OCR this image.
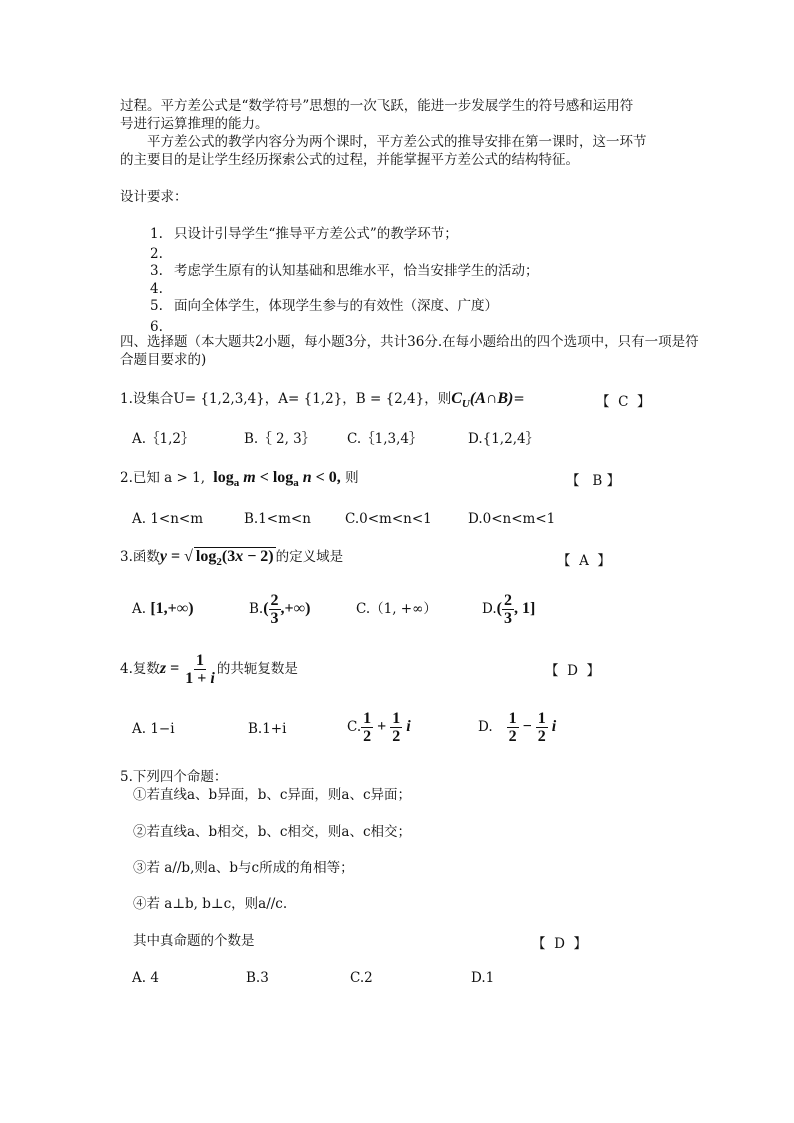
过程。平方差公式是“数学符号”思想的一次飞跃，能进一步发展学生的符号感和运用符
号进行运算推理的能力。
平方差公式的教学内容分为两个课时，平方差公式的推导安排在第一课时，这一环节
的主要目的是让学生经历探索公式的过程，并能掌握平方差公式的结构特征。
设计要求：
1. 只设计引导学生“推导平方差公式”的教学环节；
2.
3. 考虑学生原有的认知基础和思维水平，恰当安排学生的活动；
4.
5. 面向全体学生，体现学生参与的有效性（深度、广度）
6.
四、选择题（本大题共2小题，每小题3分，共计36分.在每小题给出的四个选项中，只有一项是符
合题目要求的)
1.设集合U= {1,2,3,4}，A= {1,2}，B = {2,4}，则$C_U(A\cap B)=$	【  C  】
A.｛1,2｝	B.｛ 2, 3｝ C.｛1,3,4｝	D.{1,2,4｝
2.已知 a > 1, $\log_a m < \log_a n < 0$, 则	【   B 】
A. 1<n<m	B.1<m<n	C.0<m<n<1	D.0<n<m<1
3.函数y = √ $\log_2(3x - 2)$ 的定义域是	【  A  】
A. [1,+∞)	$B.( \frac{2}{3}$ ,+∞)	C.（1, +∞）	$D.( \frac{2}{3}$ , 1]
4.复数$z = \frac{1}{1 + i}$ 的共轭复数是	【  D  】
A. 1−i	B.1+i	C. $\frac{1}{2} + \frac{1}{2}$ i	D. $\frac{1}{2} - \frac{1}{2}$ i
5.下列四个命题：
①若直线a、b异面，b、c异面，则a、c异面；
②若直线a、b相交，b、c相交，则a、c相交；
③若 a//b,则a、b与c所成的角相等；
④若 a⊥b, b⊥c，则a//c.
其中真命题的个数是	【  D  】
A. 4	B.3	C.2	D.1
